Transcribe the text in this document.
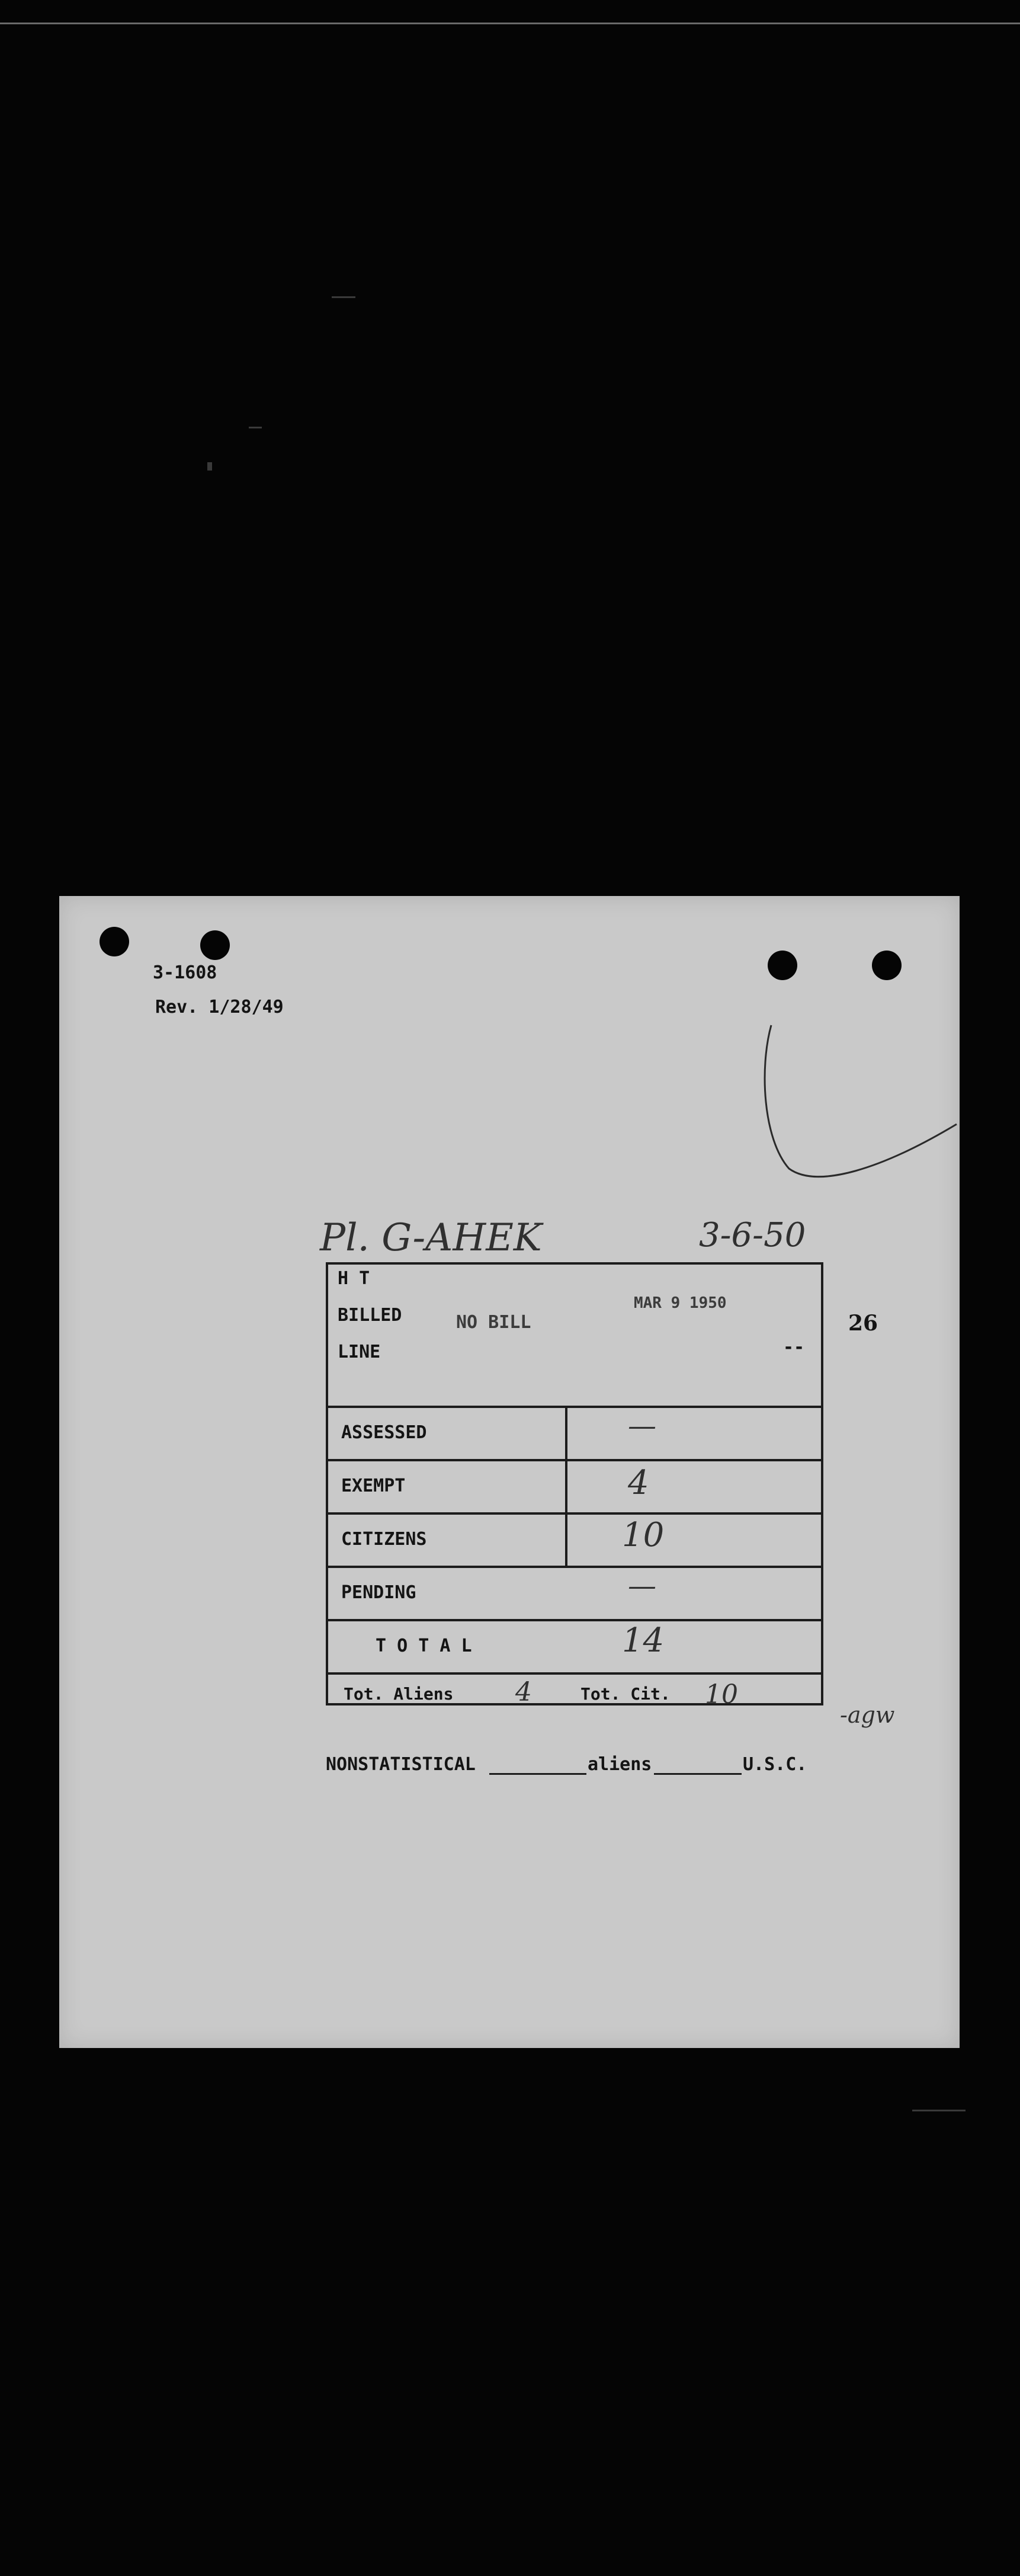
3-1608
Rev. 1/28/49
Pl. G-AHEK	3-6-50
H T
BILLED
LINE
NO BILL
MAR 9 1950
--
ASSESSED	—
EXEMPT	4
CITIZENS	10
PENDING	—
T O T A L	14
Tot. Aliens 4	Tot. Cit. 10
26
-agw
NONSTATISTICAL	aliens	U.S.C.
